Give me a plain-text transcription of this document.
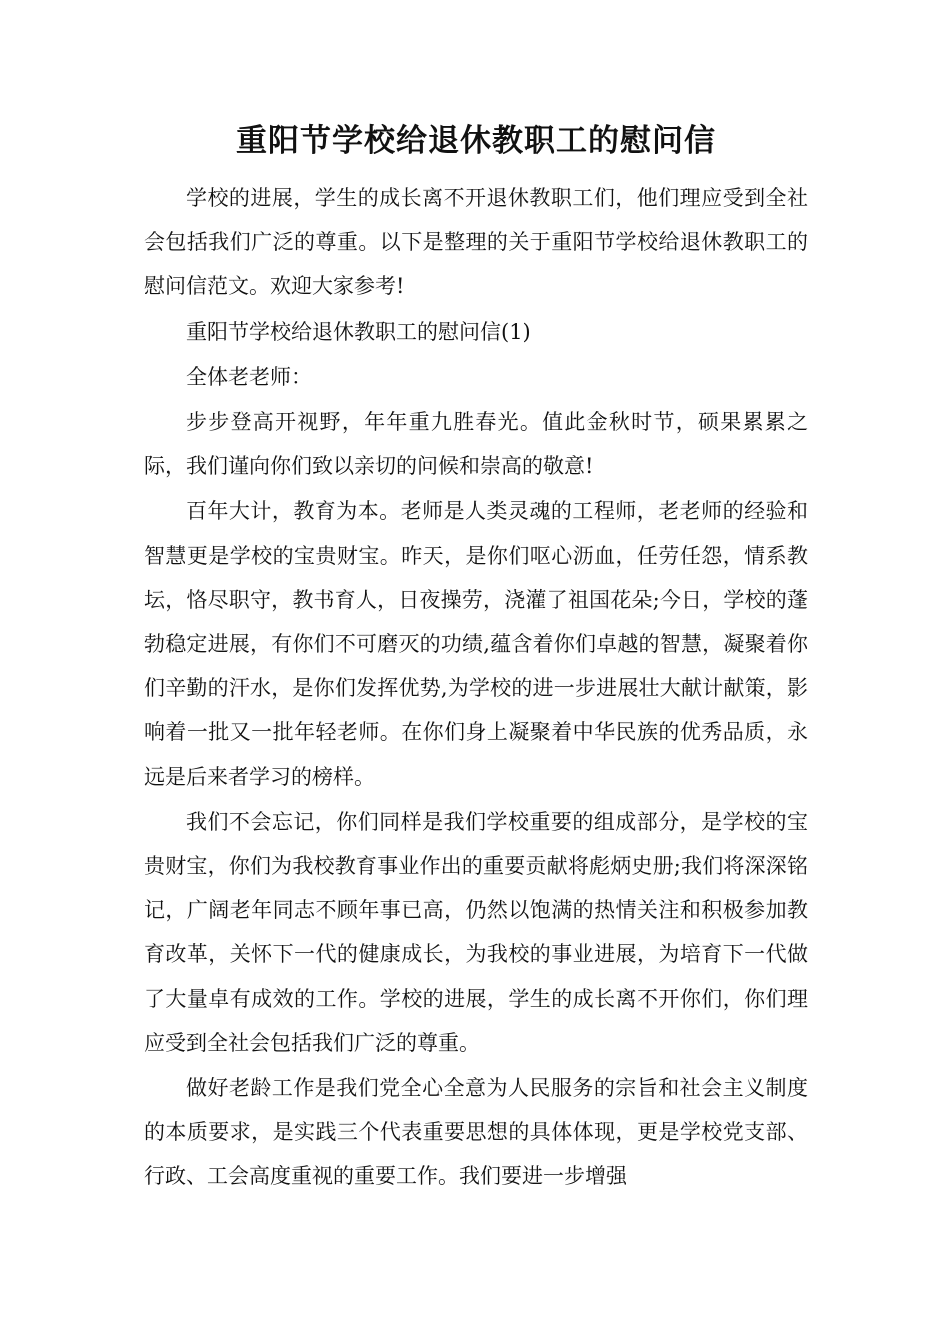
重阳节学校给退休教职工的慰问信

学校的进展，学生的成长离不开退休教职工们，他们理应受到全社会包括我们广泛的尊重。以下是整理的关于重阳节学校给退休教职工的慰问信范文。欢迎大家参考!

重阳节学校给退休教职工的慰问信(1)

全体老老师：

步步登高开视野，年年重九胜春光。值此金秋时节，硕果累累之际，我们谨向你们致以亲切的问候和崇高的敬意!

百年大计，教育为本。老师是人类灵魂的工程师，老老师的经验和智慧更是学校的宝贵财宝。昨天，是你们呕心沥血，任劳任怨，情系教坛，恪尽职守，教书育人，日夜操劳，浇灌了祖国花朵;今日，学校的蓬勃稳定进展，有你们不可磨灭的功绩,蕴含着你们卓越的智慧，凝聚着你们辛勤的汗水，是你们发挥优势,为学校的进一步进展壮大献计献策，影响着一批又一批年轻老师。在你们身上凝聚着中华民族的优秀品质，永远是后来者学习的榜样。

我们不会忘记，你们同样是我们学校重要的组成部分，是学校的宝贵财宝，你们为我校教育事业作出的重要贡献将彪炳史册;我们将深深铭记，广阔老年同志不顾年事已高，仍然以饱满的热情关注和积极参加教育改革，关怀下一代的健康成长，为我校的事业进展，为培育下一代做了大量卓有成效的工作。学校的进展，学生的成长离不开你们，你们理应受到全社会包括我们广泛的尊重。

做好老龄工作是我们党全心全意为人民服务的宗旨和社会主义制度的本质要求，是实践三个代表重要思想的具体体现，更是学校党支部、行政、工会高度重视的重要工作。我们要进一步增强
